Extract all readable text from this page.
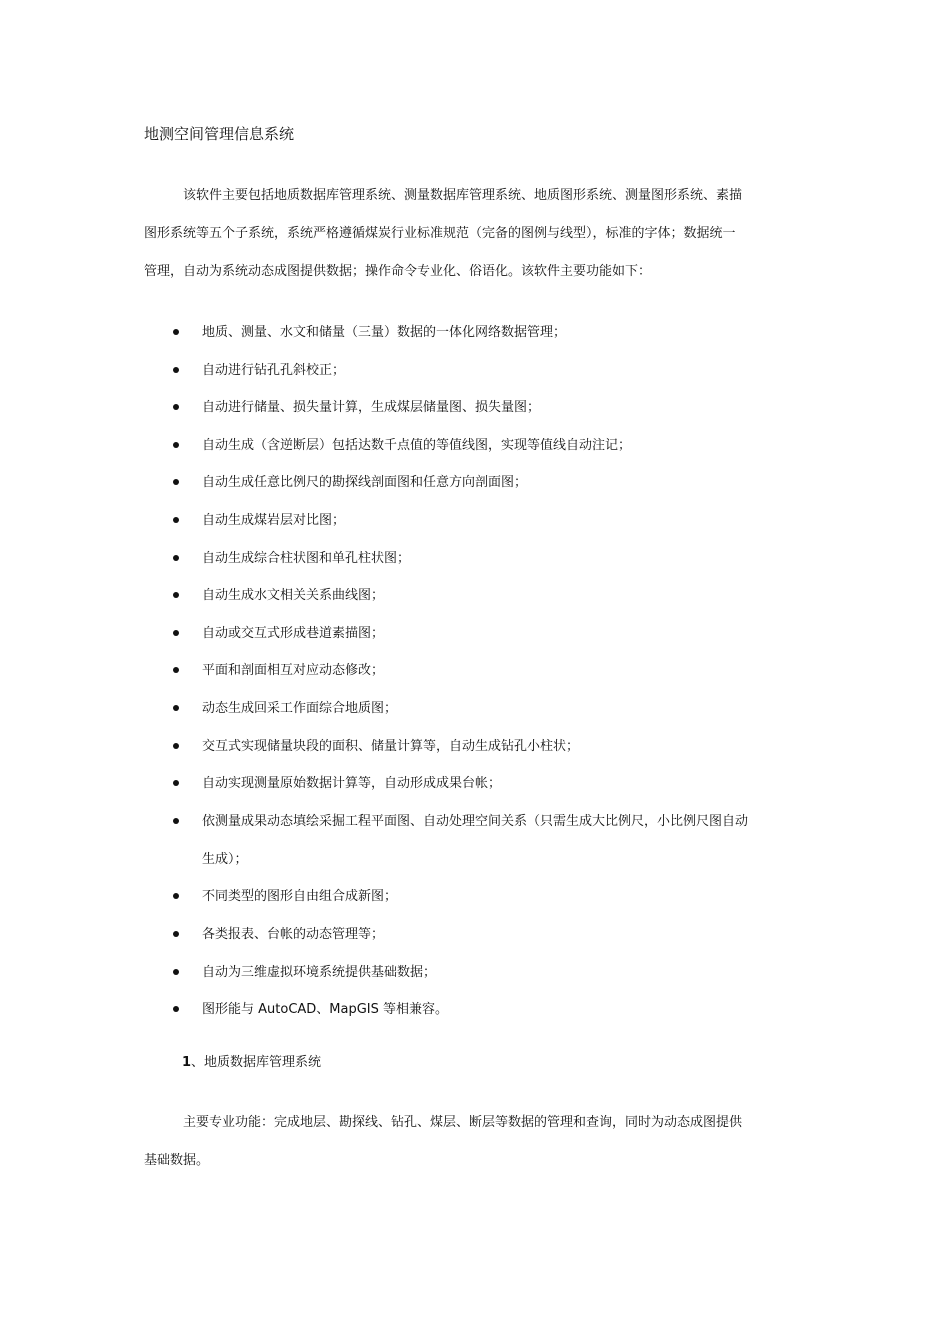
地测空间管理信息系统
该软件主要包括地质数据库管理系统、测量数据库管理系统、地质图形系统、测量图形系统、素描
图形系统等五个子系统，系统严格遵循煤炭行业标准规范（完备的图例与线型），标准的字体；数据统一
管理，自动为系统动态成图提供数据；操作命令专业化、俗语化。该软件主要功能如下：
地质、测量、水文和储量（三量）数据的一体化网络数据管理；
自动进行钻孔孔斜校正；
自动进行储量、损失量计算，生成煤层储量图、损失量图；
自动生成（含逆断层）包括达数千点值的等值线图，实现等值线自动注记；
自动生成任意比例尺的勘探线剖面图和任意方向剖面图；
自动生成煤岩层对比图；
自动生成综合柱状图和单孔柱状图；
自动生成水文相关关系曲线图；
自动或交互式形成巷道素描图；
平面和剖面相互对应动态修改；
动态生成回采工作面综合地质图；
交互式实现储量块段的面积、储量计算等，自动生成钻孔小柱状；
自动实现测量原始数据计算等，自动形成成果台帐；
依测量成果动态填绘采掘工程平面图、自动处理空间关系（只需生成大比例尺，小比例尺图自动
生成）；
不同类型的图形自由组合成新图；
各类报表、台帐的动态管理等；
自动为三维虚拟环境系统提供基础数据；
图形能与 AutoCAD、MapGIS 等相兼容。
1、地质数据库管理系统
主要专业功能：完成地层、勘探线、钻孔、煤层、断层等数据的管理和查询，同时为动态成图提供
基础数据。
